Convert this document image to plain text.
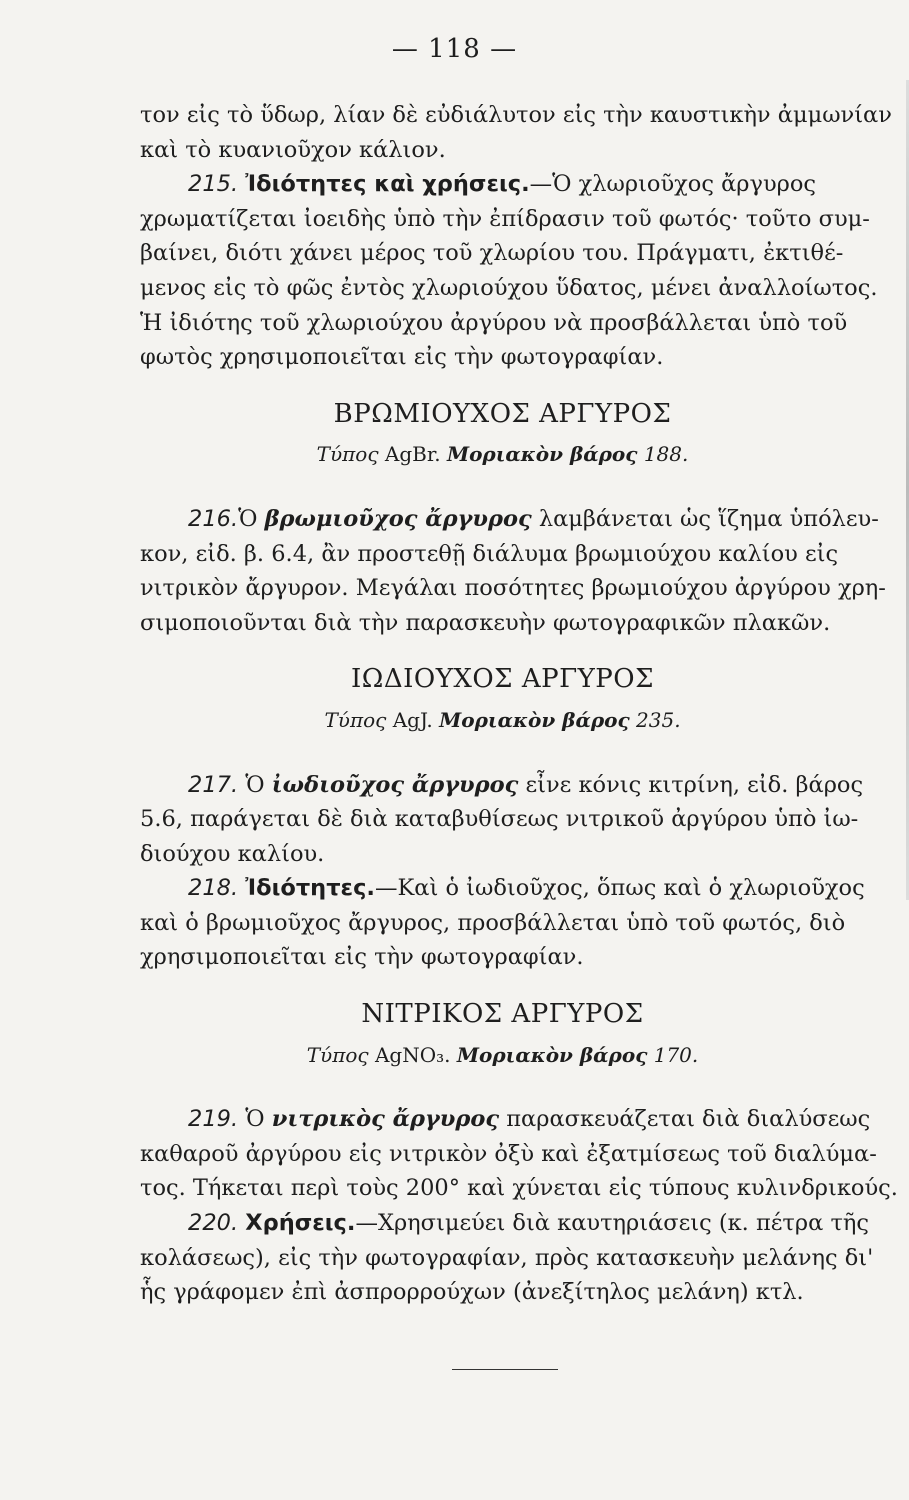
— 118 —
τον εἰς τὸ ὕδωρ, λίαν δὲ εὐδιάλυτον εἰς τὴν καυστικὴν ἀμμωνίαν
καὶ τὸ κυανιοῦχον κάλιον.
215. Ἰδιότητες καὶ χρήσεις.—Ὁ χλωριοῦχος ἄργυρος
χρωματίζεται ἰοειδὴς ὑπὸ τὴν ἐπίδρασιν τοῦ φωτός· τοῦτο συμ-
βαίνει, διότι χάνει μέρος τοῦ χλωρίου του. Πράγματι, ἐκτιθέ-
μενος εἰς τὸ φῶς ἐντὸς χλωριούχου ὕδατος, μένει ἀναλλοίωτος.
Ἡ ἰδιότης τοῦ χλωριούχου ἀργύρου νὰ προσβάλλεται ὑπὸ τοῦ
φωτὸς χρησιμοποιεῖται εἰς τὴν φωτογραφίαν.
ΒΡΩΜΙΟΥΧΟΣ ΑΡΓΥΡΟΣ
Τύπος AgBr. Μοριακὸν βάρος 188.
216.Ὁ βρωμιοῦχος ἄργυρος λαμβάνεται ὡς ἵζημα ὑπόλευ-
κον, εἰδ. β. 6.4, ἂν προστεθῇ διάλυμα βρωμιούχου καλίου εἰς
νιτρικὸν ἄργυρον. Μεγάλαι ποσότητες βρωμιούχου ἀργύρου χρη-
σιμοποιοῦνται διὰ τὴν παρασκευὴν φωτογραφικῶν πλακῶν.
ΙΩΔΙΟΥΧΟΣ ΑΡΓΥΡΟΣ
Τύπος AgJ. Μοριακὸν βάρος 235.
217. Ὁ ἰωδιοῦχος ἄργυρος εἶνε κόνις κιτρίνη, εἰδ. βάρος
5.6, παράγεται δὲ διὰ καταβυθίσεως νιτρικοῦ ἀργύρου ὑπὸ ἰω-
διούχου καλίου.
218. Ἰδιότητες.—Καὶ ὁ ἰωδιοῦχος, ὅπως καὶ ὁ χλωριοῦχος
καὶ ὁ βρωμιοῦχος ἄργυρος, προσβάλλεται ὑπὸ τοῦ φωτός, διὸ
χρησιμοποιεῖται εἰς τὴν φωτογραφίαν.
ΝΙΤΡΙΚΟΣ ΑΡΓΥΡΟΣ
Τύπος AgNO₃. Μοριακὸν βάρος 170.
219. Ὁ νιτρικὸς ἄργυρος παρασκευάζεται διὰ διαλύσεως
καθαροῦ ἀργύρου εἰς νιτρικὸν ὀξὺ καὶ ἐξατμίσεως τοῦ διαλύμα-
τος. Τήκεται περὶ τοὺς 200° καὶ χύνεται εἰς τύπους κυλινδρικούς.
220. Χρήσεις.—Χρησιμεύει διὰ καυτηριάσεις (κ. πέτρα τῆς
κολάσεως), εἰς τὴν φωτογραφίαν, πρὸς κατασκευὴν μελάνης δι'
ἧς γράφομεν ἐπὶ ἀσπρορρούχων (ἀνεξίτηλος μελάνη) κτλ.
